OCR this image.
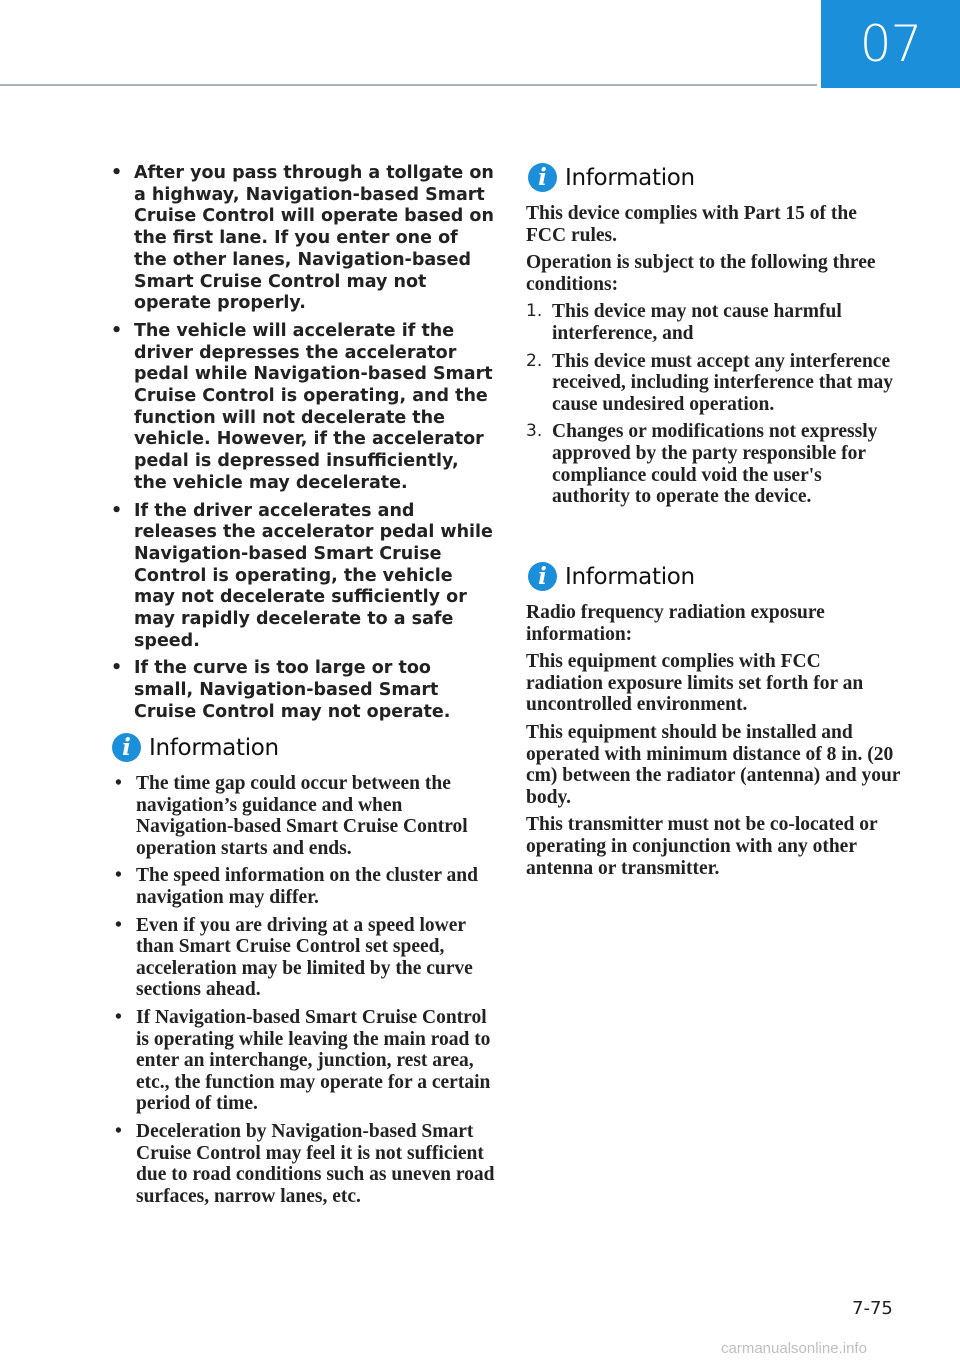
07
• After you pass through a tollgate on a highway, Navigation-based Smart Cruise Control will operate based on the first lane. If you enter one of the other lanes, Navigation-based Smart Cruise Control may not operate properly.
• The vehicle will accelerate if the driver depresses the accelerator pedal while Navigation-based Smart Cruise Control is operating, and the function will not decelerate the vehicle. However, if the accelerator pedal is depressed insufficiently, the vehicle may decelerate.
• If the driver accelerates and releases the accelerator pedal while Navigation-based Smart Cruise Control is operating, the vehicle may not decelerate sufficiently or may rapidly decelerate to a safe speed.
• If the curve is too large or too small, Navigation-based Smart Cruise Control may not operate.
i Information
• The time gap could occur between the navigation’s guidance and when Navigation-based Smart Cruise Control operation starts and ends.
• The speed information on the cluster and navigation may differ.
• Even if you are driving at a speed lower than Smart Cruise Control set speed, acceleration may be limited by the curve sections ahead.
• If Navigation-based Smart Cruise Control is operating while leaving the main road to enter an interchange, junction, rest area, etc., the function may operate for a certain period of time.
• Deceleration by Navigation-based Smart Cruise Control may feel it is not sufficient due to road conditions such as uneven road surfaces, narrow lanes, etc.
i Information

This device complies with Part 15 of the FCC rules.

Operation is subject to the following three conditions:

1. This device may not cause harmful interference, and
2. This device must accept any interference received, including interference that may cause undesired operation.
3. Changes or modifications not expressly approved by the party responsible for compliance could void the user's authority to operate the device.
i Information

Radio frequency radiation exposure information:

This equipment complies with FCC radiation exposure limits set forth for an uncontrolled environment.

This equipment should be installed and operated with minimum distance of 8 in. (20 cm) between the radiator (antenna) and your body.

This transmitter must not be co-located or operating in conjunction with any other antenna or transmitter.

7-75
carmanualsonline.info
